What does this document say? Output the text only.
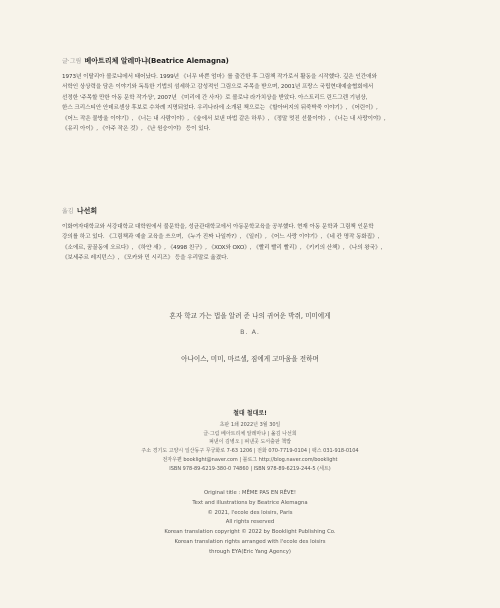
글·그림 베아트리체 알레마냐(Beatrice Alemagna)
1973년 이탈리아 볼로냐에서 태어났다. 1999년 《너무 바쁜 엄마》를 출간한 후 그림책 작가로서 활동을 시작했다. 깊은 인간애와
서학인 상상력을 담은 이야기와 독특한 기법의 섬세하고 감성적인 그림으로 주목을 받으며, 2001년 프랑스 국립현대예술협회에서
선정한 '주목할 만한 아동 문학 작가상', 2007년 《미리에 간 사자》로 볼로냐 라가치상을 받았다. 아스트리드 린드그렌 기념상,
한스 크리스티안 안데르센상 후보로 수차례 지명되었다. 우리나라에 소개된 책으로는 《할아버지의 뒤죽박죽 이야기》, 《어린이》,
《어느 작은 물방울 이야기》, 《너는 내 사람이야》, 《숲에서 보낸 마법 같은 하루》, 《정말 멋진 선물이야》, 《너는 내 사랑이야》,
《유리 아이》, 《아주 작은 것》, 《난 원숭이야》 등이 있다.
옮김 나선희
이화여자대학교와 서강대학교 대학원에서 불문학을, 성균관대학교에서 아동문학교육을 공부했다. 현재 아동 문학과 그림책 인문학
강의를 하고 있다. 《그림책과 예술 교육을 쓰으며, 《누가 진짜 나일까?》, 《일러》, 《어느 사랑 이야기》, 《네 칸 명작 동화집》,
《소에르, 꿈꿀동에 오르다》, 《하얀 새》, 《4998 친구》, 《XOX와 OXO》, 《빨리 빨리 빨리》, 《키키의 산책》, 《나의 왕국》,
《보세주르 레지던스》, 《모카와 민 시리즈》 등을 우리말로 옮겼다.
혼자 학교 가는 법을 알려 준 나의 귀여운 박쥐, 미미에게
B. A.
아나이스, 미미, 마르셀, 짐에게 고마움을 전하며
철대 철대로!
초판 1쇄 2022년 3월 30일
글·그림 베아트리체 알레마냐 | 옮김 나선희
펴낸이 김병오 | 펴낸곳 도서출판 책밥
주소 경기도 고양시 일산동구 무궁화로 7-63 1206 | 전화 070-7719-0104 | 팩스 031-918-0104
전자우편 booklight@naver.com | 블로그 http://blog.naver.com/booklight
ISBN 978-89-6219-380-0 74860 | ISBN 978-89-6219-244-5 (세트)
Original title : MÊME PAS EN RÊVE!
Text and illustrations by Beatrice Alemagna
© 2021, l'ecole des loisirs, Paris
All rights reserved
Korean translation copyright © 2022 by Booklight Publishing Co.
Korean translation rights arranged with l'ecole des loisirs
through EYA(Eric Yang Agency)
